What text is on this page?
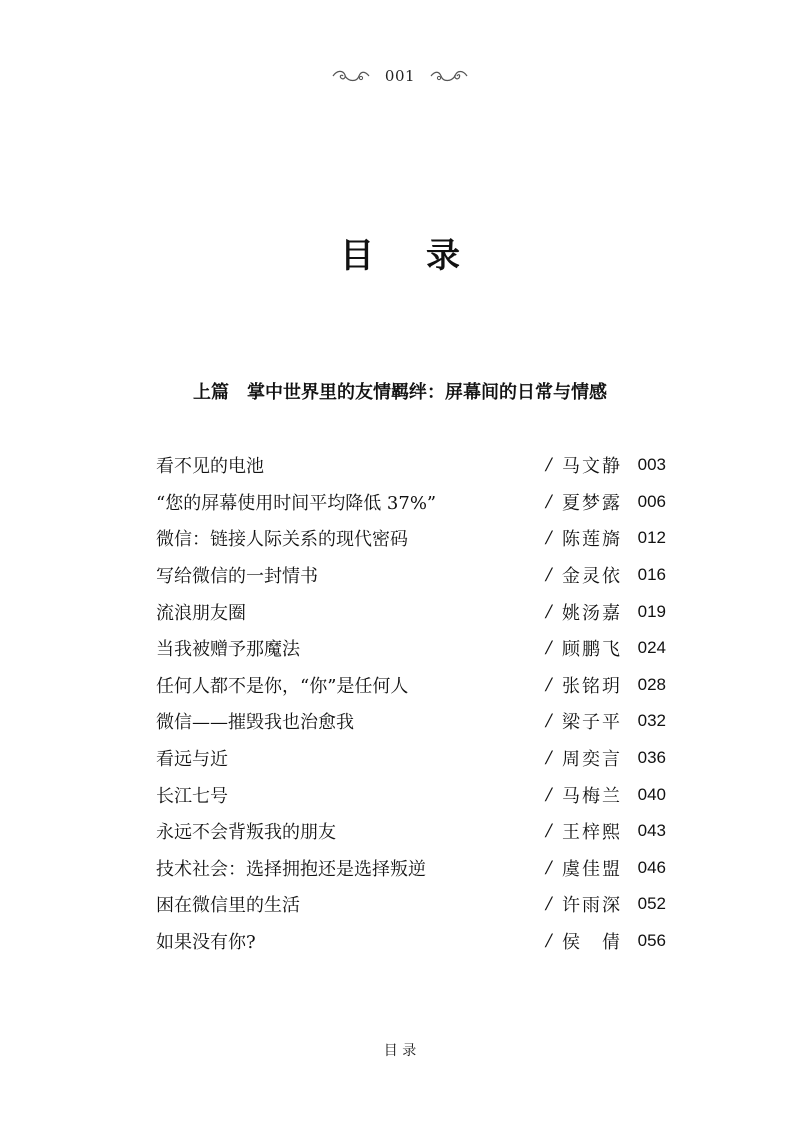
001
目录
上篇　掌中世界里的友情羁绊：屏幕间的日常与情感
看不见的电池	/ 马文静	003
“您的屏幕使用时间平均降低 37%”	/ 夏梦露	006
微信：链接人际关系的现代密码	/ 陈莲旖	012
写给微信的一封情书	/ 金灵依	016
流浪朋友圈	/ 姚汤嘉	019
当我被赠予那魔法	/ 顾鹏飞	024
任何人都不是你，“你”是任何人	/ 张铭玥	028
微信——摧毁我也治愈我	/ 梁子平	032
看远与近	/ 周奕言	036
长江七号	/ 马梅兰	040
永远不会背叛我的朋友	/ 王梓熙	043
技术社会：选择拥抱还是选择叛逆	/ 虞佳盟	046
困在微信里的生活	/ 许雨深	052
如果没有你?	/ 侯倩	056
目 录
